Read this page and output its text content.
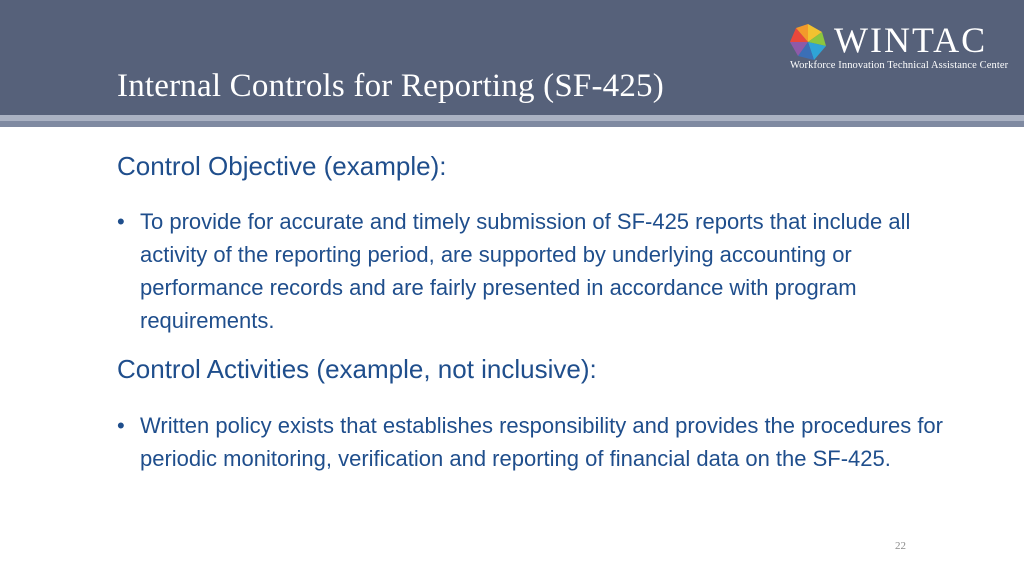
Internal Controls for Reporting (SF-425)
WINTAC
Workforce Innovation Technical Assistance Center
Control Objective (example):
• To provide for accurate and timely submission of SF-425 reports that include all activity of the reporting period, are supported by underlying accounting or performance records and are fairly presented in accordance with program requirements.
Control Activities (example, not inclusive):
• Written policy exists that establishes responsibility and provides the procedures for periodic monitoring, verification and reporting of financial data on the SF-425.
22
